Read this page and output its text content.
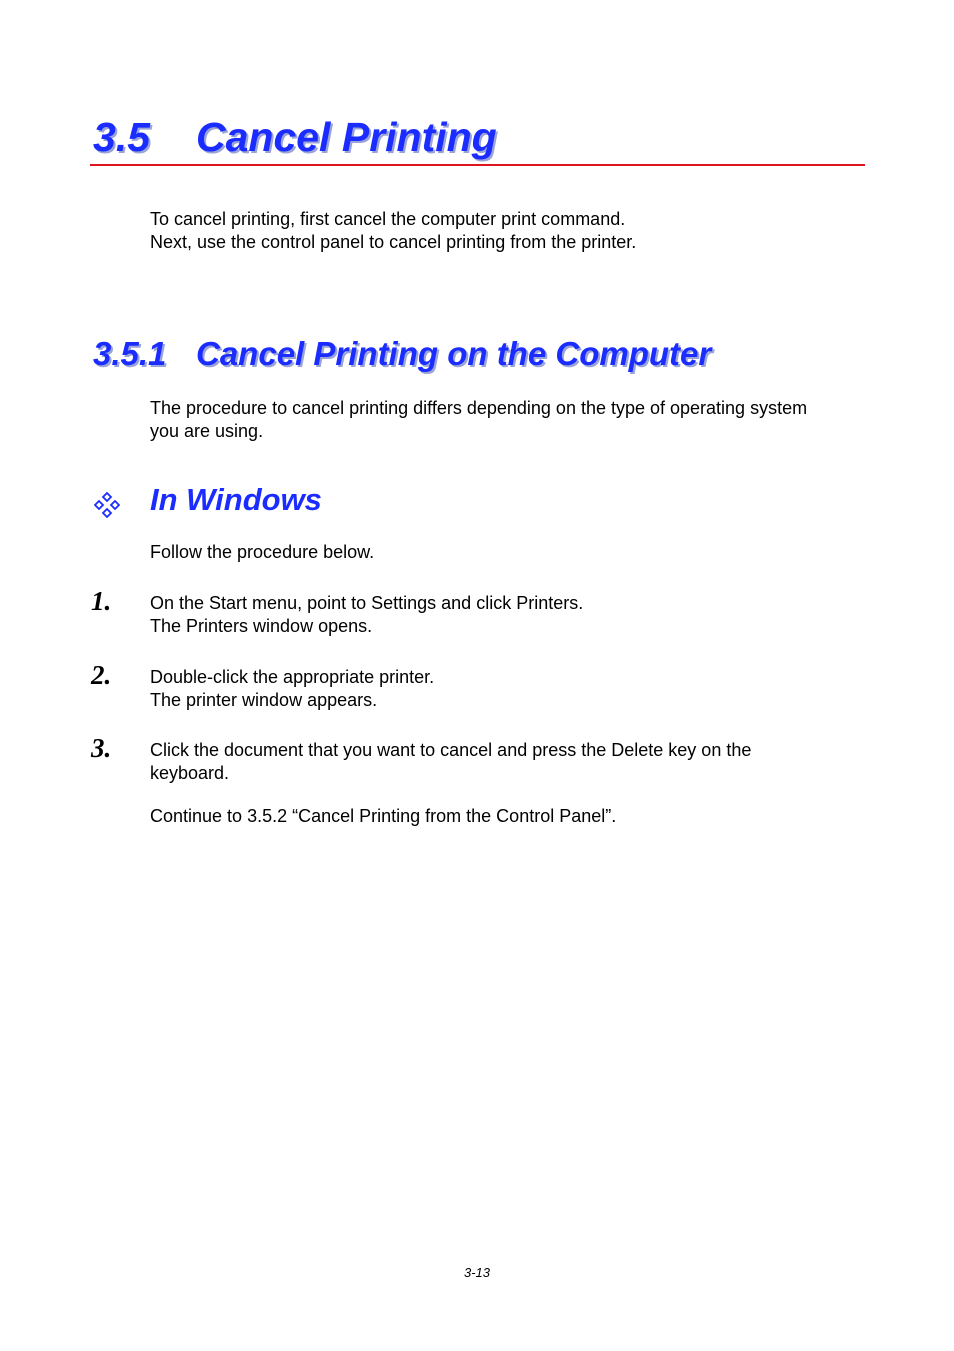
3.5 Cancel Printing
To cancel printing, first cancel the computer print command.
Next, use the control panel to cancel printing from the printer.
3.5.1 Cancel Printing on the Computer
The procedure to cancel printing differs depending on the type of operating system
you are using.
In Windows
Follow the procedure below.
1. On the Start menu, point to Settings and click Printers.
The Printers window opens.
2. Double-click the appropriate printer.
The printer window appears.
3. Click the document that you want to cancel and press the Delete key on the
keyboard.
Continue to 3.5.2 “Cancel Printing from the Control Panel”.
3-13
